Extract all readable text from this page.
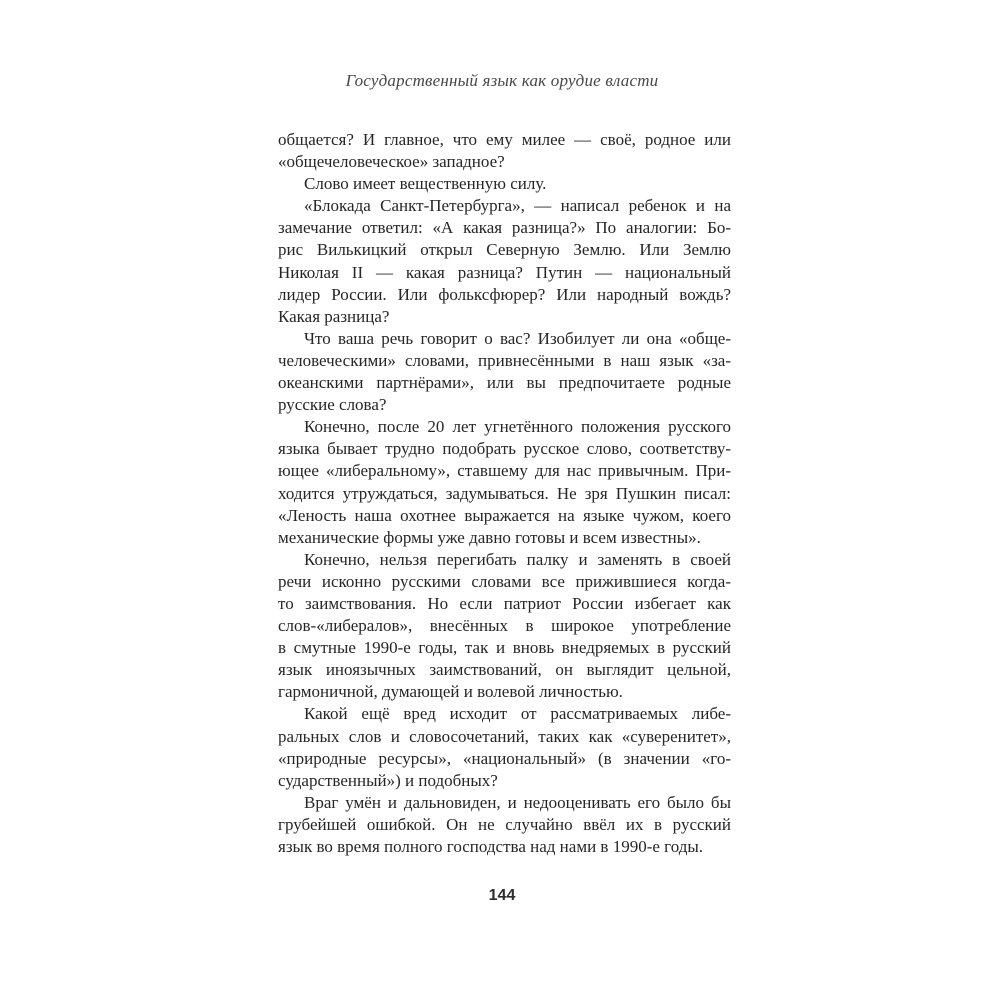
Государственный язык как орудие власти
общается? И главное, что ему милее — своё, родное или
«общечеловеческое» западное?
Слово имеет вещественную силу.
«Блокада Санкт-Петербурга», — написал ребенок и на
замечание ответил: «А какая разница?» По аналогии: Бо-
рис Вилькицкий открыл Северную Землю. Или Землю
Николая II — какая разница? Путин — национальный
лидер России. Или фольксфюрер? Или народный вождь?
Какая разница?
Что ваша речь говорит о вас? Изобилует ли она «обще-
человеческими» словами, привнесёнными в наш язык «за-
океанскими партнёрами», или вы предпочитаете родные
русские слова?
Конечно, после 20 лет угнетённого положения русского
языка бывает трудно подобрать русское слово, соответству-
ющее «либеральному», ставшему для нас привычным. При-
ходится утруждаться, задумываться. Не зря Пушкин писал:
«Леность наша охотнее выражается на языке чужом, коего
механические формы уже давно готовы и всем известны».
Конечно, нельзя перегибать палку и заменять в своей
речи исконно русскими словами все прижившиеся когда-
то заимствования. Но если патриот России избегает как
слов-«либералов», внесённых в широкое употребление
в смутные 1990-е годы, так и вновь внедряемых в русский
язык иноязычных заимствований, он выглядит цельной,
гармоничной, думающей и волевой личностью.
Какой ещё вред исходит от рассматриваемых либе-
ральных слов и словосочетаний, таких как «суверенитет»,
«природные ресурсы», «национальный» (в значении «го-
сударственный») и подобных?
Враг умён и дальновиден, и недооценивать его было бы
грубейшей ошибкой. Он не случайно ввёл их в русский
язык во время полного господства над нами в 1990-е годы.
144
